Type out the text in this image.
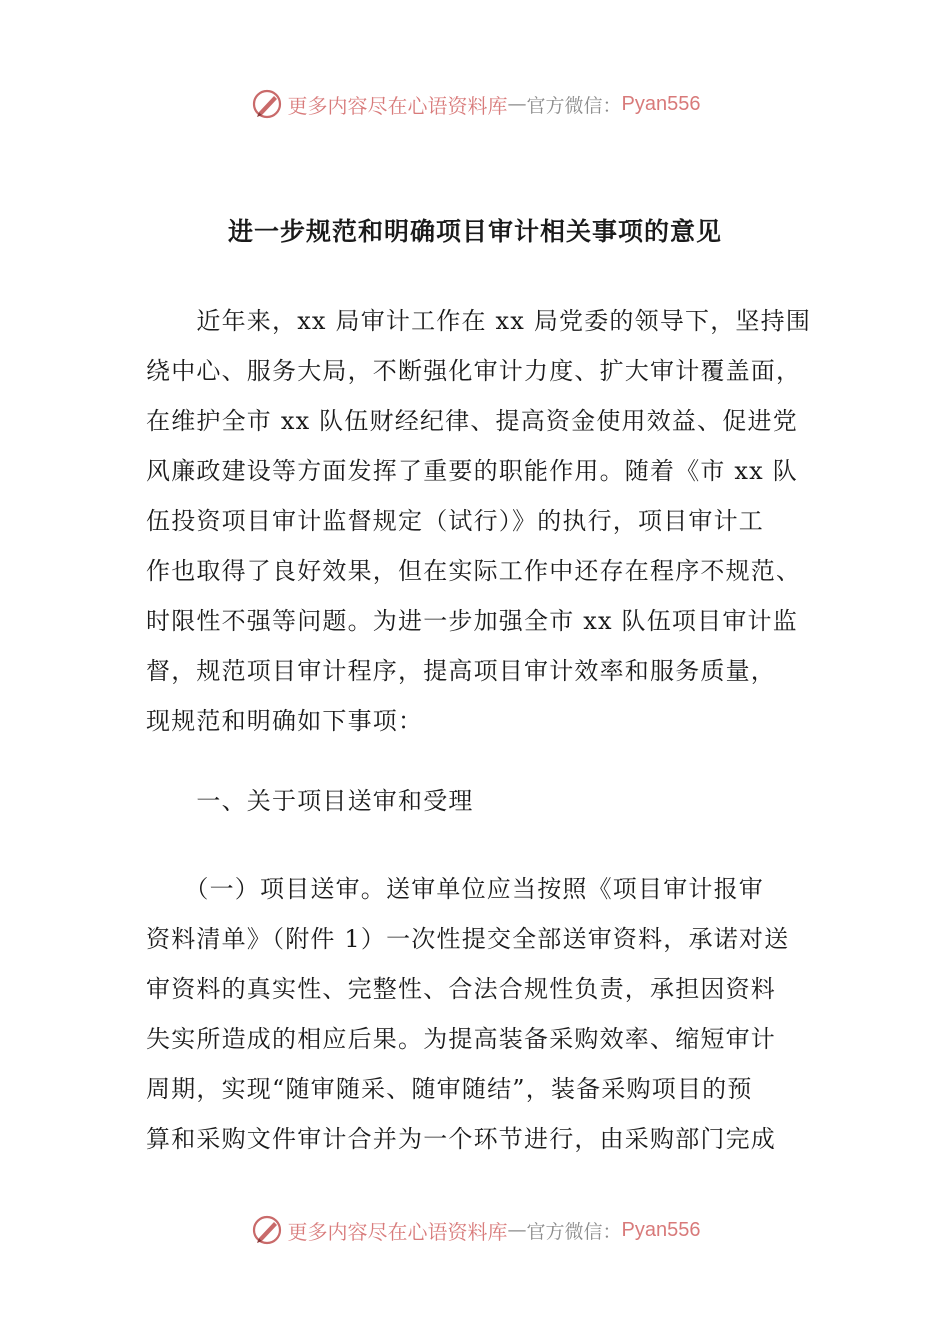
更多内容尽在心语资料库 — 官方微信： Pyan556
进一步规范和明确项目审计相关事项的意见
　　近年来，xx 局审计工作在 xx 局党委的领导下，坚持围
绕中心、服务大局，不断强化审计力度、扩大审计覆盖面，
在维护全市 xx 队伍财经纪律、提高资金使用效益、促进党
风廉政建设等方面发挥了重要的职能作用。随着《市 xx 队
伍投资项目审计监督规定（试行）》的执行，项目审计工
作也取得了良好效果，但在实际工作中还存在程序不规范、
时限性不强等问题。为进一步加强全市 xx 队伍项目审计监
督，规范项目审计程序，提高项目审计效率和服务质量，
现规范和明确如下事项：
　　一、关于项目送审和受理
　　（一）项目送审。送审单位应当按照《项目审计报审
资料清单》（附件 1）一次性提交全部送审资料，承诺对送
审资料的真实性、完整性、合法合规性负责，承担因资料
失实所造成的相应后果。为提高装备采购效率、缩短审计
周期，实现“随审随采、随审随结”，装备采购项目的预
算和采购文件审计合并为一个环节进行，由采购部门完成
更多内容尽在心语资料库 — 官方微信： Pyan556
